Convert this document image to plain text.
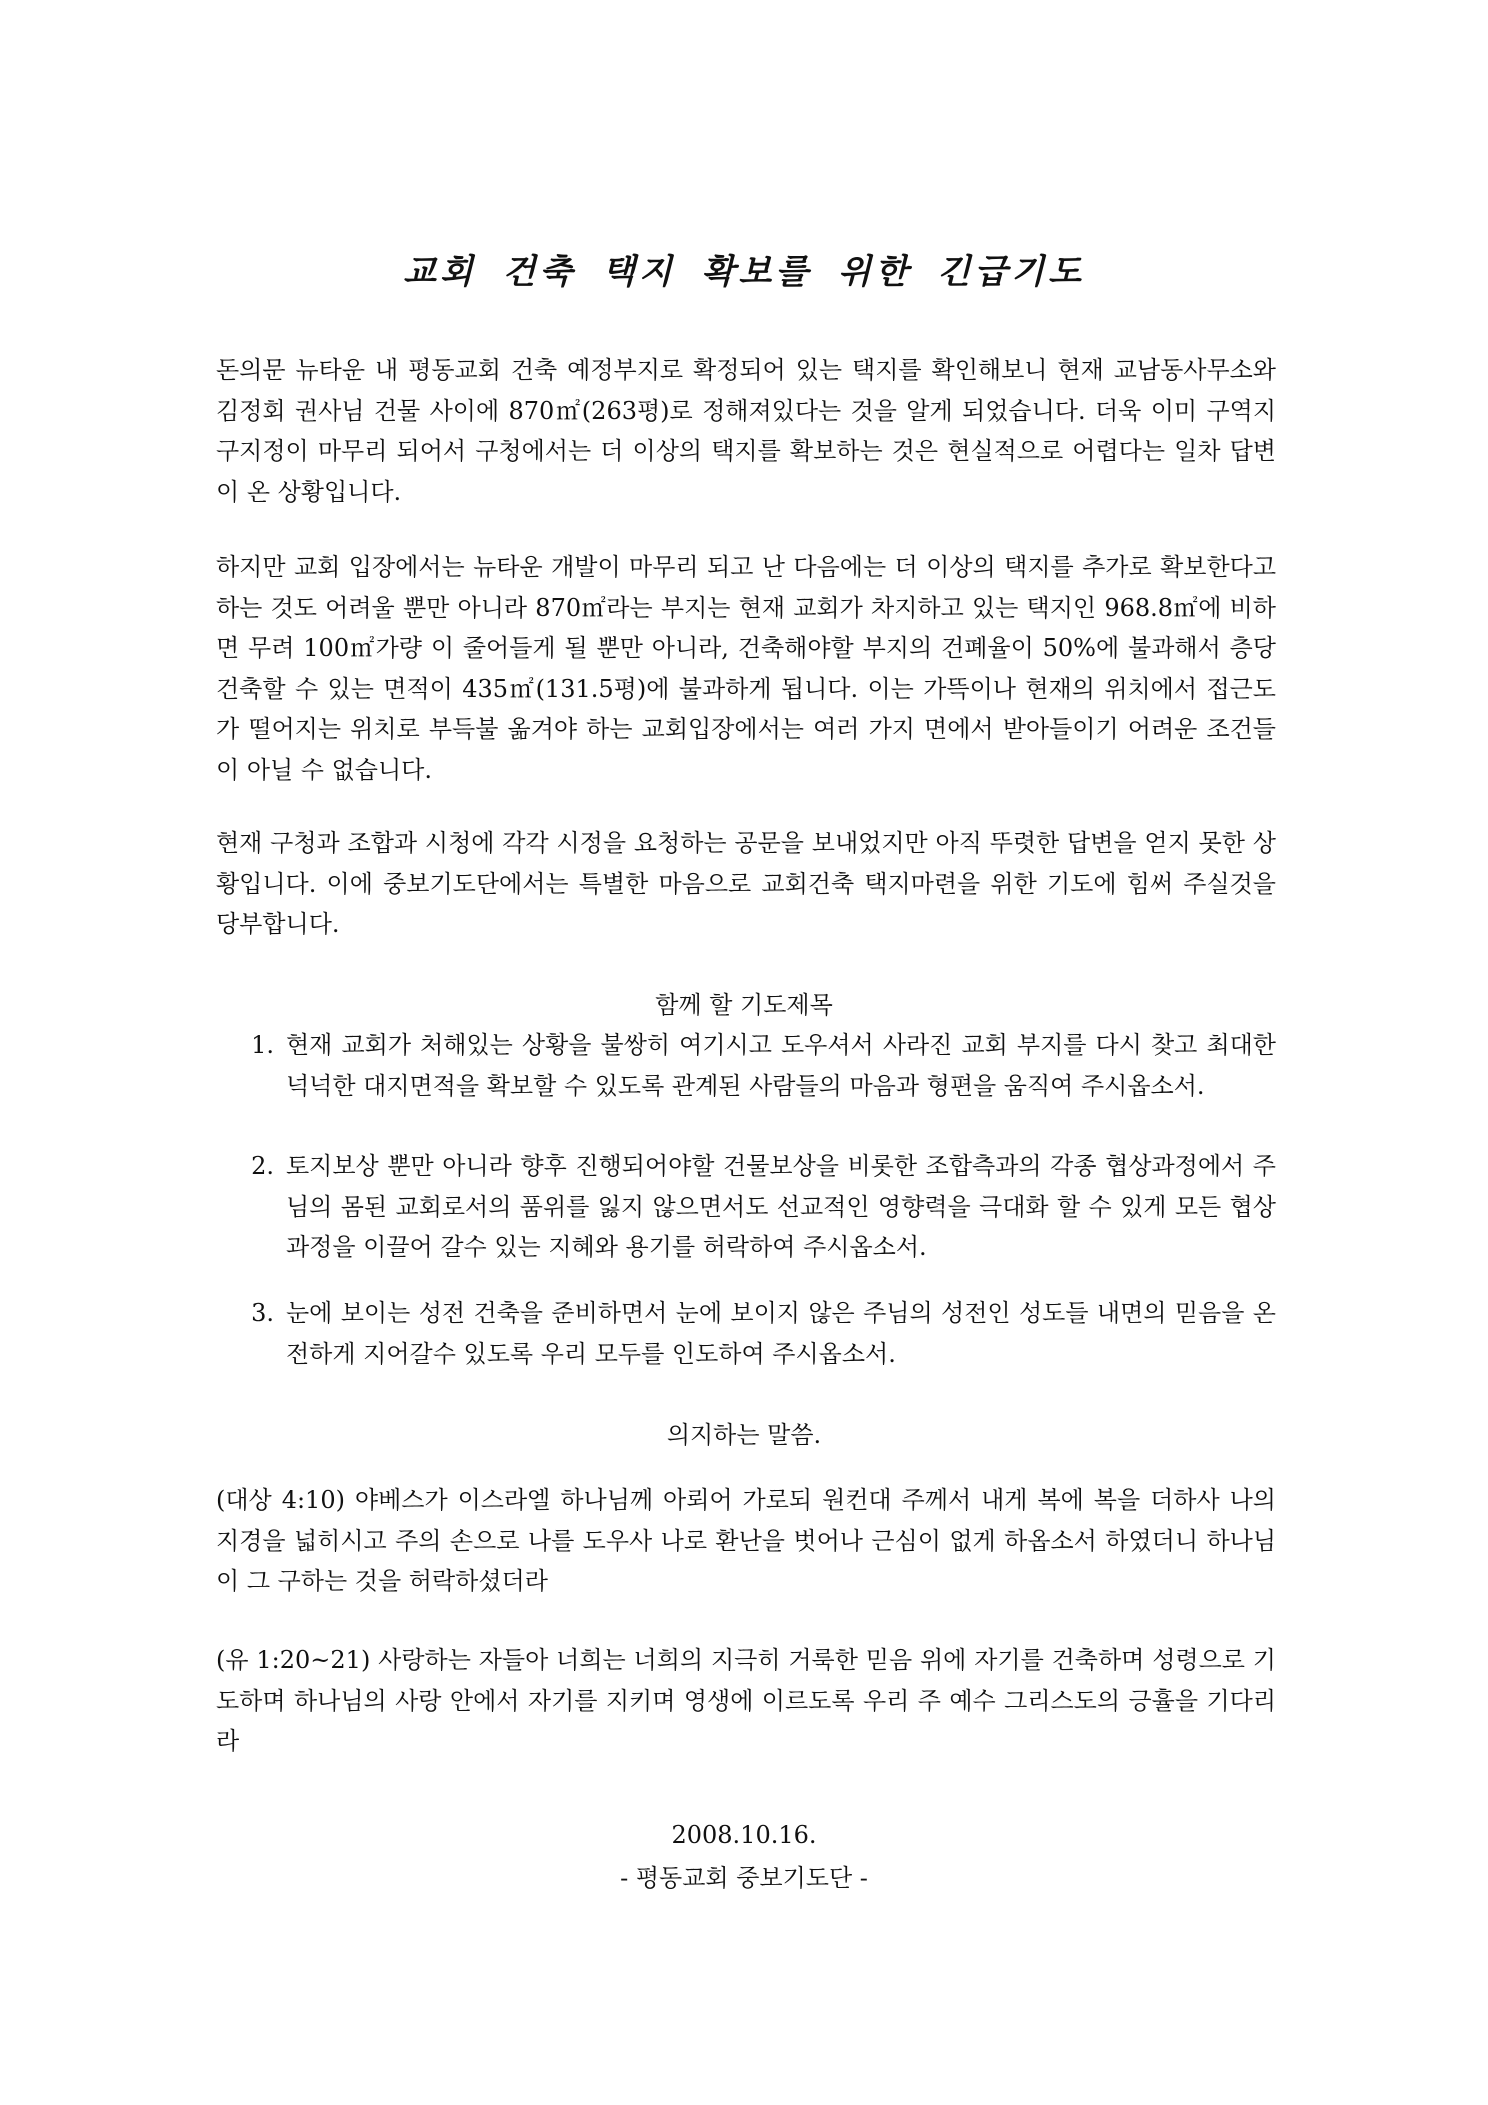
교회 건축 택지 확보를 위한 긴급기도

돈의문 뉴타운 내 평동교회 건축 예정부지로 확정되어 있는 택지를 확인해보니 현재 교남동사무소와 김정회 권사님 건물 사이에 870㎡(263평)로 정해져있다는 것을 알게 되었습니다. 더욱 이미 구역지구지정이 마무리 되어서 구청에서는 더 이상의 택지를 확보하는 것은 현실적으로 어렵다는 일차 답변이 온 상황입니다.

하지만 교회 입장에서는 뉴타운 개발이 마무리 되고 난 다음에는 더 이상의 택지를 추가로 확보한다고 하는 것도 어려울 뿐만 아니라 870㎡라는 부지는 현재 교회가 차지하고 있는 택지인 968.8㎡에 비하면 무려 100㎡가량 이 줄어들게 될 뿐만 아니라, 건축해야할 부지의 건폐율이 50%에 불과해서 층당 건축할 수 있는 면적이 435㎡(131.5평)에 불과하게 됩니다. 이는 가뜩이나 현재의 위치에서 접근도가 떨어지는 위치로 부득불 옮겨야 하는 교회입장에서는 여러 가지 면에서 받아들이기 어려운 조건들이 아닐 수 없습니다.

현재 구청과 조합과 시청에 각각 시정을 요청하는 공문을 보내었지만 아직 뚜렷한 답변을 얻지 못한 상황입니다. 이에 중보기도단에서는 특별한 마음으로 교회건축 택지마련을 위한 기도에 힘써 주실것을 당부합니다.

함께 할 기도제목

1. 현재 교회가 처해있는 상황을 불쌍히 여기시고 도우셔서 사라진 교회 부지를 다시 찾고 최대한 넉넉한 대지면적을 확보할 수 있도록 관계된 사람들의 마음과 형편을 움직여 주시옵소서.
2. 토지보상 뿐만 아니라 향후 진행되어야할 건물보상을 비롯한 조합측과의 각종 협상과정에서 주님의 몸된 교회로서의 품위를 잃지 않으면서도 선교적인 영향력을 극대화 할 수 있게 모든 협상 과정을 이끌어 갈수 있는 지혜와 용기를 허락하여 주시옵소서.
3. 눈에 보이는 성전 건축을 준비하면서 눈에 보이지 않은 주님의 성전인 성도들 내면의 믿음을 온전하게 지어갈수 있도록 우리 모두를 인도하여 주시옵소서.

의지하는 말씀.

(대상 4:10) 야베스가 이스라엘 하나님께 아뢰어 가로되 원컨대 주께서 내게 복에 복을 더하사 나의 지경을 넓히시고 주의 손으로 나를 도우사 나로 환난을 벗어나 근심이 없게 하옵소서 하였더니 하나님이 그 구하는 것을 허락하셨더라

(유 1:20~21) 사랑하는 자들아 너희는 너희의 지극히 거룩한 믿음 위에 자기를 건축하며 성령으로 기도하며 하나님의 사랑 안에서 자기를 지키며 영생에 이르도록 우리 주 예수 그리스도의 긍휼을 기다리라

2008.10.16.

- 평동교회 중보기도단 -
